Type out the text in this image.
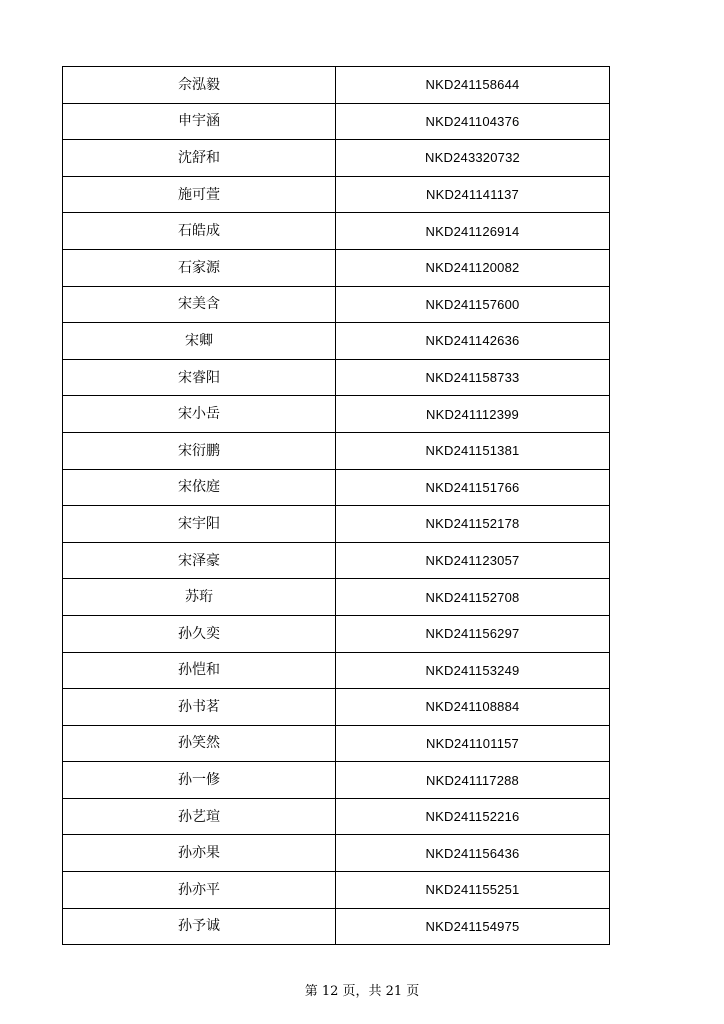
佘泓毅	NKD241158644
申宇涵	NKD241104376
沈舒和	NKD243320732
施可萱	NKD241141137
石皓成	NKD241126914
石家源	NKD241120082
宋美含	NKD241157600
宋卿	NKD241142636
宋睿阳	NKD241158733
宋小岳	NKD241112399
宋衍鹏	NKD241151381
宋依庭	NKD241151766
宋宇阳	NKD241152178
宋泽豪	NKD241123057
苏珩	NKD241152708
孙久奕	NKD241156297
孙恺和	NKD241153249
孙书茗	NKD241108884
孙笑然	NKD241101157
孙一修	NKD241117288
孙艺瑄	NKD241152216
孙亦果	NKD241156436
孙亦平	NKD241155251
孙予诚	NKD241154975
第 12 页，共 21 页
